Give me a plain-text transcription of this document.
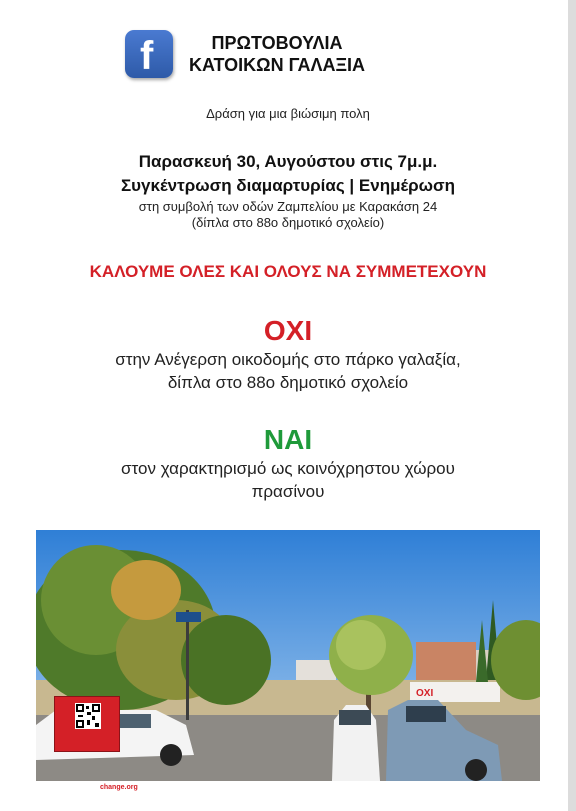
f	ΠΡΩΤΟΒΟΥΛΙΑ
ΚΑΤΟΙΚΩΝ ΓΑΛΑΞΙΑ
Δράση για μια βιώσιμη πολη
Παρασκευή 30, Αυγούστου στις 7μ.μ.
Συγκέντρωση διαμαρτυρίας | Ενημέρωση
στη συμβολή των οδών Ζαμπελίου με Καρακάση 24
(δίπλα στο 88ο δημοτικό σχολείο)
ΚΑΛΟΥΜΕ ΟΛΕΣ ΚΑΙ ΟΛΟΥΣ ΝΑ ΣΥΜΜΕΤΕΧΟΥΝ
ΟΧΙ
στην Ανέγερση οικοδομής στο πάρκο γαλαξία,
δίπλα στο 88ο δημοτικό σχολείο
ΝΑΙ
στον χαρακτηρισμό ως κοινόχρηστου χώρου
πρασίνου
ΟΧΙ
change.org
